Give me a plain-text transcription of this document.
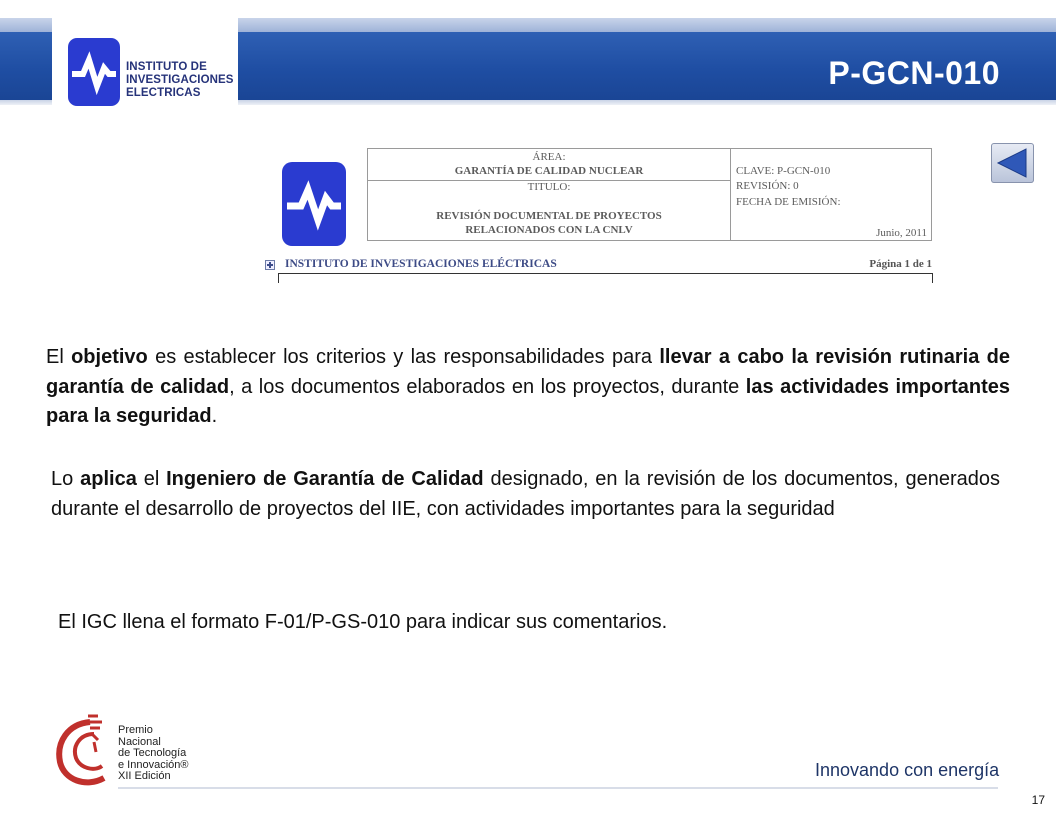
INSTITUTO DE
INVESTIGACIONES
ELECTRICAS
P-GCN-010
ÁREA:
GARANTÍA DE CALIDAD NUCLEAR
TITULO:
REVISIÓN DOCUMENTAL DE PROYECTOS
RELACIONADOS CON LA CNLV
CLAVE: P-GCN-010
REVISIÓN: 0
FECHA DE EMISIÓN:
Junio, 2011
INSTITUTO DE INVESTIGACIONES ELÉCTRICAS	Página 1 de 1
El objetivo es establecer los criterios y las responsabilidades para llevar a cabo la revisión rutinaria de garantía de calidad, a los documentos elaborados en los proyectos, durante las actividades importantes para la seguridad.
Lo aplica el Ingeniero de Garantía de Calidad designado, en la revisión de los documentos, generados durante el desarrollo de proyectos del IIE, con actividades importantes para la seguridad
El IGC llena el formato F-01/P-GS-010 para indicar sus comentarios.
Premio
Nacional
de Tecnología
e Innovación®
XII Edición	Innovando con energía
17
